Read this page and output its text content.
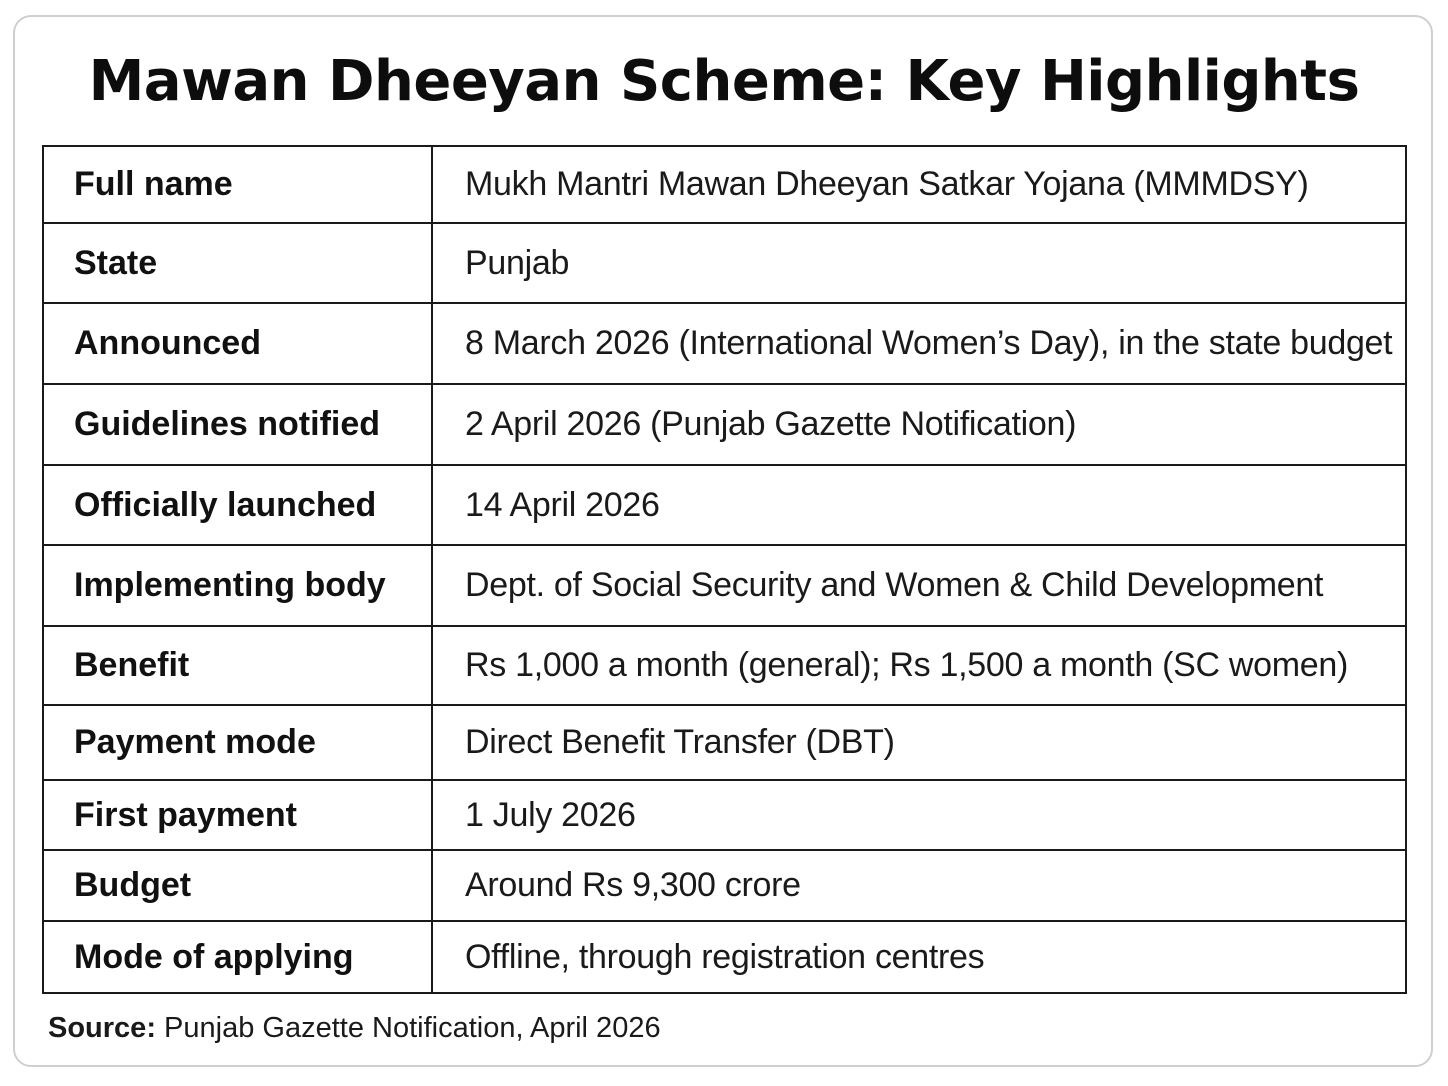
Mawan Dheeyan Scheme: Key Highlights
Full name	Mukh Mantri Mawan Dheeyan Satkar Yojana (MMMDSY)
State	Punjab
Announced	8 March 2026 (International Women’s Day), in the state budget
Guidelines notified	2 April 2026 (Punjab Gazette Notification)
Officially launched	14 April 2026
Implementing body	Dept. of Social Security and Women & Child Development
Benefit	Rs 1,000 a month (general); Rs 1,500 a month (SC women)
Payment mode	Direct Benefit Transfer (DBT)
First payment	1 July 2026
Budget	Around Rs 9,300 crore
Mode of applying	Offline, through registration centres
Source: Punjab Gazette Notification, April 2026
